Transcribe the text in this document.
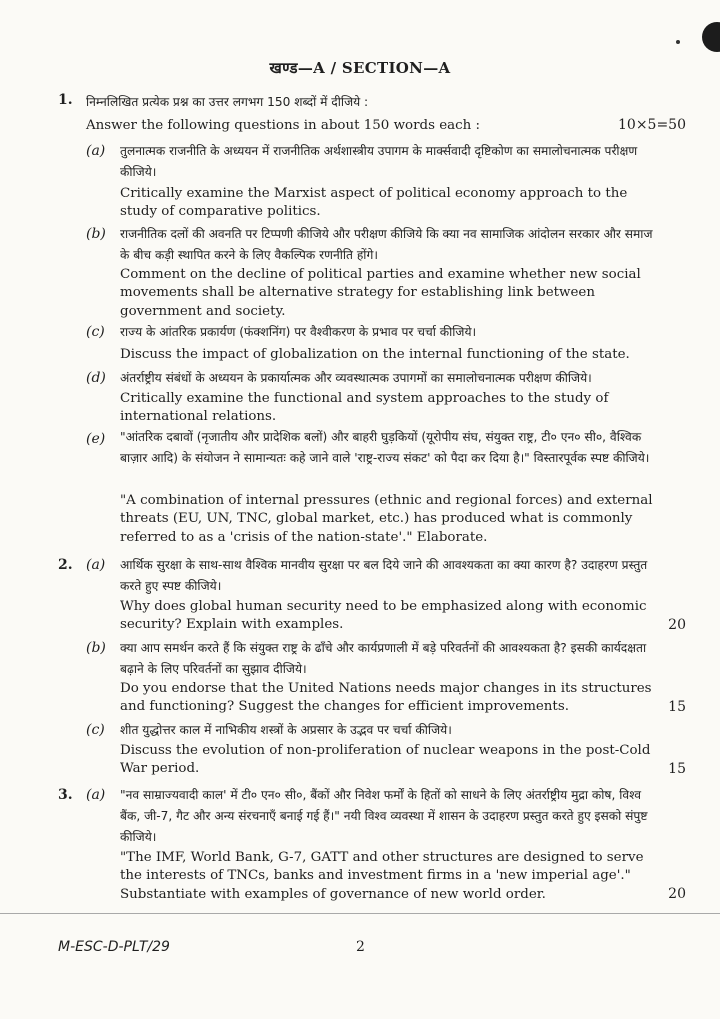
खण्ड—A / SECTION—A
1. निम्नलिखित प्रत्येक प्रश्न का उत्तर लगभग 150 शब्दों में दीजिये :
Answer the following questions in about 150 words each :	10×5=50
(a) तुलनात्मक राजनीति के अध्ययन में राजनीतिक अर्थशास्त्रीय उपागम के मार्क्सवादी दृष्टिकोण का समालोचनात्मक परीक्षण कीजिये।
Critically examine the Marxist aspect of political economy approach to the study of comparative politics.
(b) राजनीतिक दलों की अवनति पर टिप्पणी कीजिये और परीक्षण कीजिये कि क्या नव सामाजिक आंदोलन सरकार और समाज के बीच कड़ी स्थापित करने के लिए वैकल्पिक रणनीति होंगे।
Comment on the decline of political parties and examine whether new social movements shall be alternative strategy for establishing link between government and society.
(c) राज्य के आंतरिक प्रकार्यण (फंक्शनिंग) पर वैश्वीकरण के प्रभाव पर चर्चा कीजिये।
Discuss the impact of globalization on the internal functioning of the state.
(d) अंतर्राष्ट्रीय संबंधों के अध्ययन के प्रकार्यात्मक और व्यवस्थात्मक उपागमों का समालोचनात्मक परीक्षण कीजिये।
Critically examine the functional and system approaches to the study of international relations.
(e) "आंतरिक दबावों (नृजातीय और प्रादेशिक बलों) और बाहरी घुड़कियों (यूरोपीय संघ, संयुक्त राष्ट्र, टी० एन० सी०, वैश्विक बाज़ार आदि) के संयोजन ने सामान्यतः कहे जाने वाले 'राष्ट्र-राज्य संकट' को पैदा कर दिया है।" विस्तारपूर्वक स्पष्ट कीजिये।
"A combination of internal pressures (ethnic and regional forces) and external threats (EU, UN, TNC, global market, etc.) has produced what is commonly referred to as a 'crisis of the nation-state'." Elaborate.
2. (a) आर्थिक सुरक्षा के साथ-साथ वैश्विक मानवीय सुरक्षा पर बल दिये जाने की आवश्यकता का क्या कारण है? उदाहरण प्रस्तुत करते हुए स्पष्ट कीजिये।
Why does global human security need to be emphasized along with economic security? Explain with examples.	20
(b) क्या आप समर्थन करते हैं कि संयुक्त राष्ट्र के ढाँचे और कार्यप्रणाली में बड़े परिवर्तनों की आवश्यकता है? इसकी कार्यदक्षता बढ़ाने के लिए परिवर्तनों का सुझाव दीजिये।
Do you endorse that the United Nations needs major changes in its structures and functioning? Suggest the changes for efficient improvements.	15
(c) शीत युद्धोत्तर काल में नाभिकीय शस्त्रों के अप्रसार के उद्भव पर चर्चा कीजिये।
Discuss the evolution of non-proliferation of nuclear weapons in the post-Cold War period.	15
3. (a) "नव साम्राज्यवादी काल' में टी० एन० सी०, बैंकों और निवेश फर्मों के हितों को साधने के लिए अंतर्राष्ट्रीय मुद्रा कोष, विश्व बैंक, जी-7, गैट और अन्य संरचनाएँ बनाई गई हैं।" नयी विश्व व्यवस्था में शासन के उदाहरण प्रस्तुत करते हुए इसको संपुष्ट कीजिये।
"The IMF, World Bank, G-7, GATT and other structures are designed to serve the interests of TNCs, banks and investment firms in a 'new imperial age'." Substantiate with examples of governance of new world order.	20
M-ESC-D-PLT/29	2
